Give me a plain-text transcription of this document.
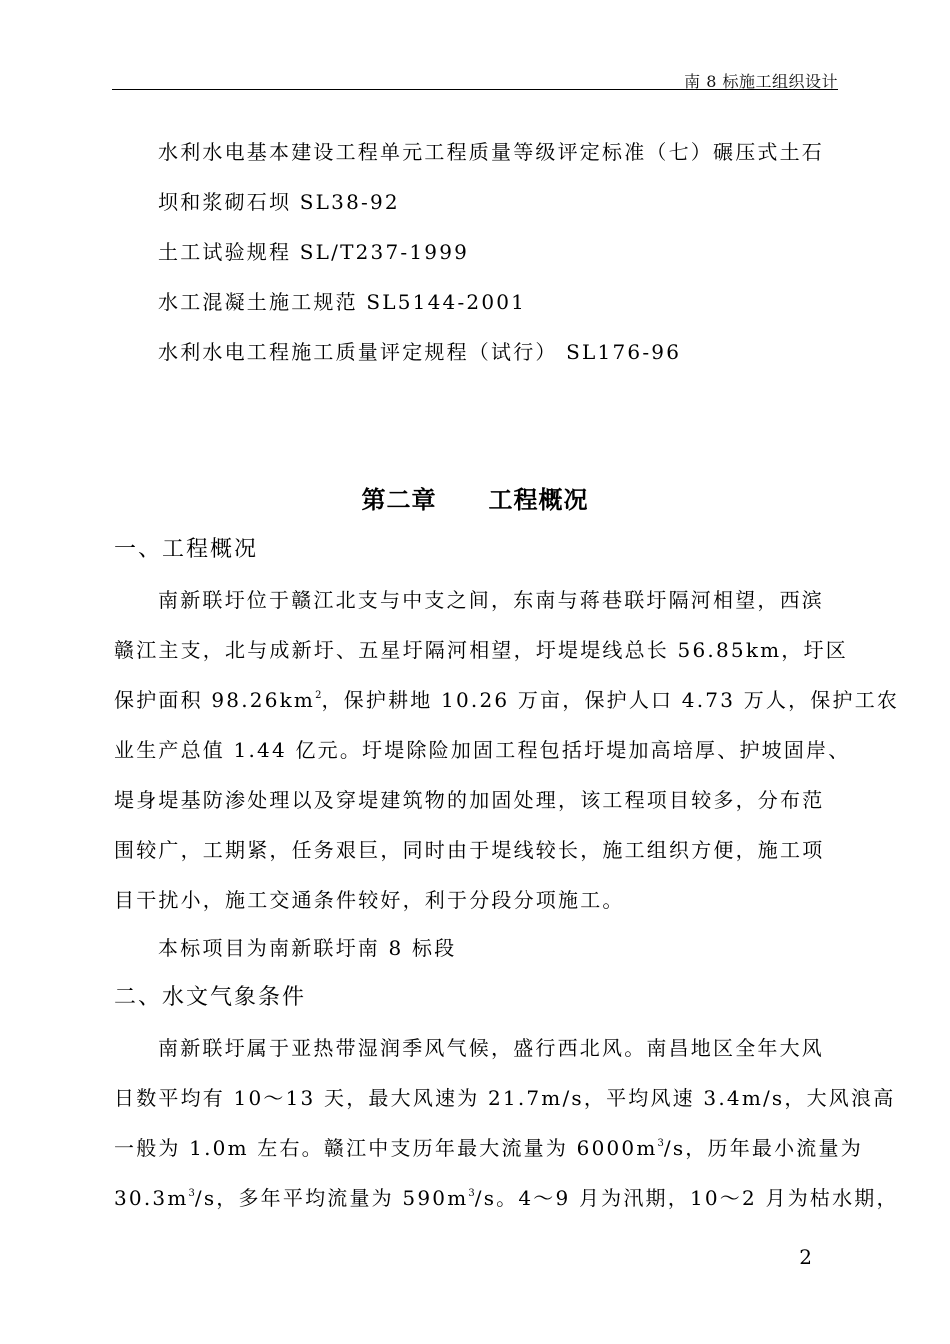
南 8 标施工组织设计
水利水电基本建设工程单元工程质量等级评定标准（七）碾压式土石
坝和浆砌石坝 SL38-92
土工试验规程 SL/T237-1999
水工混凝土施工规范 SL5144-2001
水利水电工程施工质量评定规程（试行） SL176-96
第二章 工程概况
一、工程概况
南新联圩位于赣江北支与中支之间，东南与蒋巷联圩隔河相望，西滨
赣江主支，北与成新圩、五星圩隔河相望，圩堤堤线总长 56.85km，圩区
保护面积 $98.26km^2$，保护耕地 10.26 万亩，保护人口 4.73 万人，保护工农
业生产总值 1.44 亿元。圩堤除险加固工程包括圩堤加高培厚、护坡固岸、
堤身堤基防渗处理以及穿堤建筑物的加固处理，该工程项目较多，分布范
围较广，工期紧，任务艰巨，同时由于堤线较长，施工组织方便，施工项
目干扰小，施工交通条件较好，利于分段分项施工。
本标项目为南新联圩南 8 标段
二、水文气象条件
南新联圩属于亚热带湿润季风气候，盛行西北风。南昌地区全年大风
日数平均有 10～13 天，最大风速为 21.7m/s，平均风速 3.4m/s，大风浪高
一般为 1.0m 左右。赣江中支历年最大流量为 $6000m^3/s$，历年最小流量为
$30.3m^3/s$，多年平均流量为 $590m^3/s$。4～9 月为汛期，10～2 月为枯水期，
2
